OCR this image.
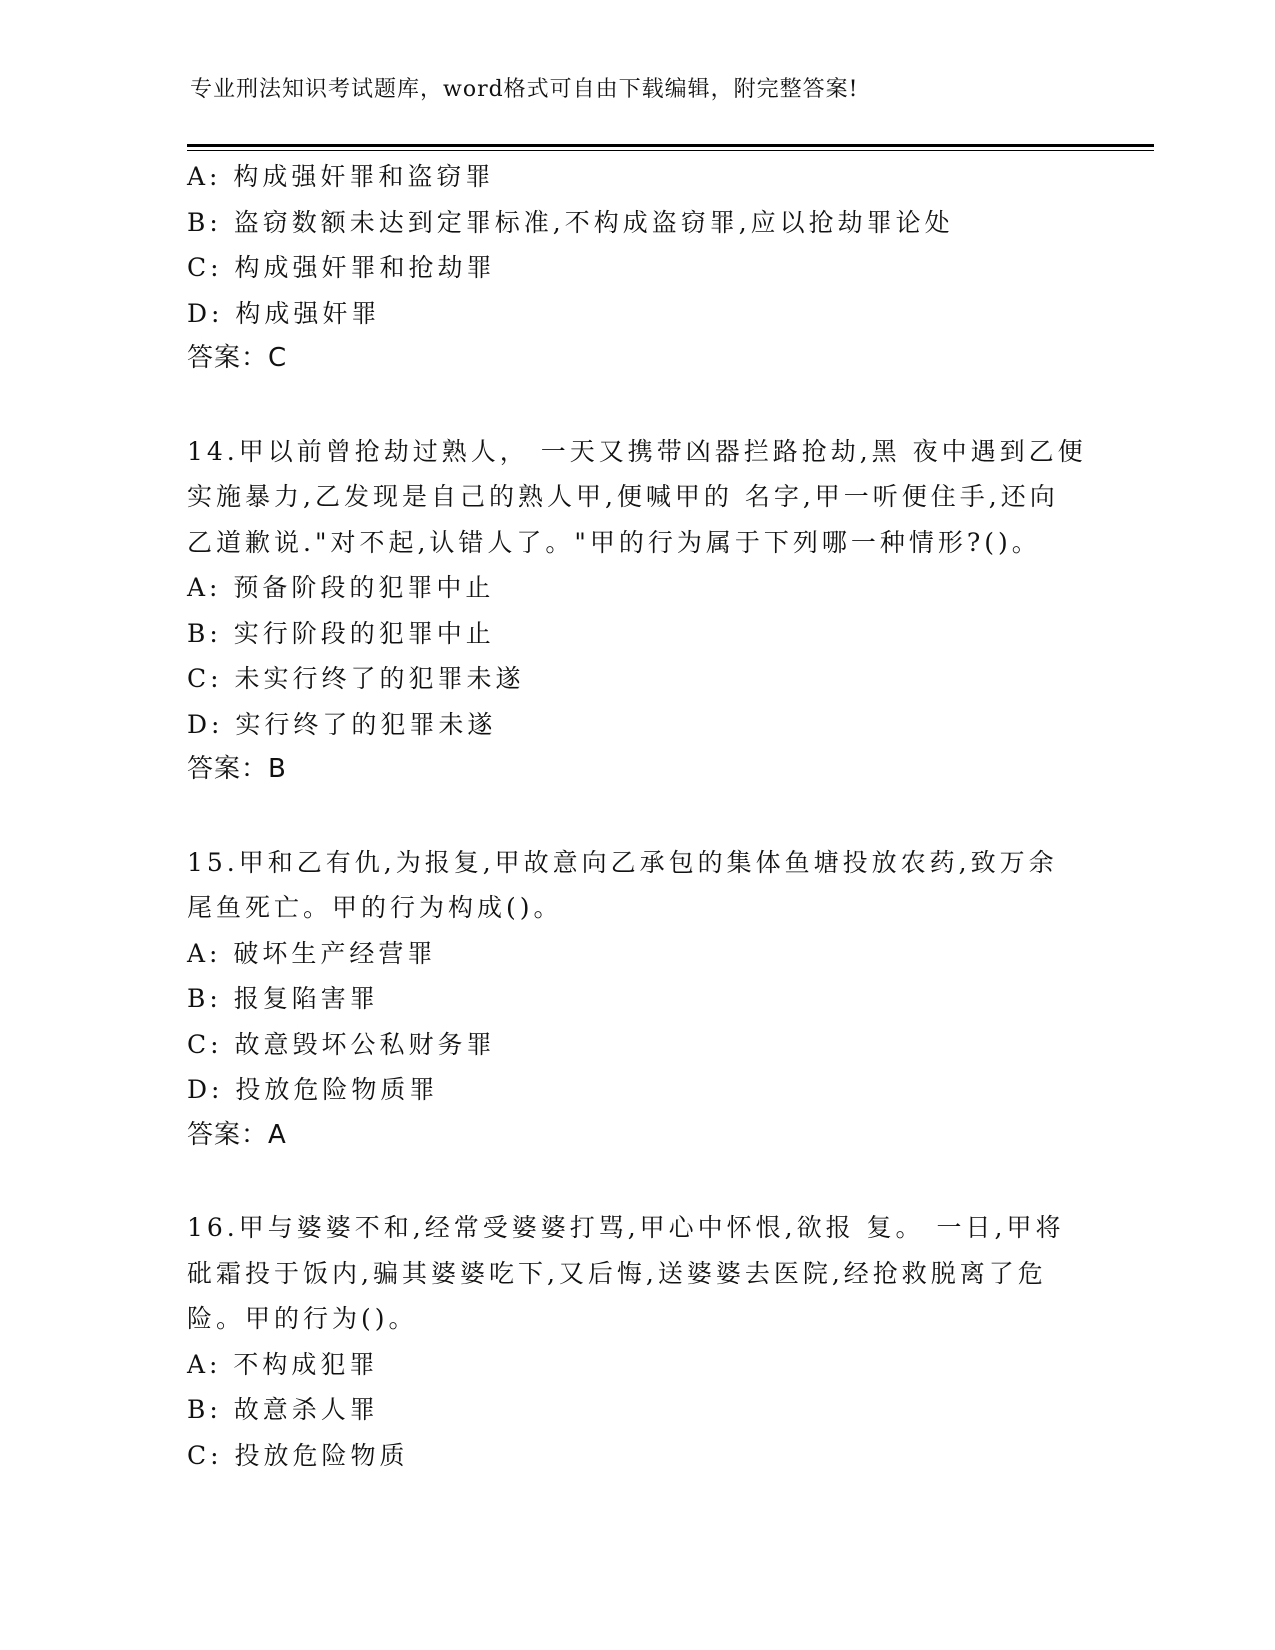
专业刑法知识考试题库，word格式可自由下载编辑，附完整答案!
A: 构成强奸罪和盗窃罪
B: 盗窃数额未达到定罪标准,不构成盗窃罪,应以抢劫罪论处
C: 构成强奸罪和抢劫罪
D: 构成强奸罪
答案：C
14.甲以前曾抢劫过熟人， 一天又携带凶器拦路抢劫,黑 夜中遇到乙便
实施暴力,乙发现是自己的熟人甲,便喊甲的 名字,甲一听便住手,还向
乙道歉说."对不起,认错人了。"甲的行为属于下列哪一种情形?()。
A: 预备阶段的犯罪中止
B: 实行阶段的犯罪中止
C: 未实行终了的犯罪未遂
D: 实行终了的犯罪未遂
答案：B
15.甲和乙有仇,为报复,甲故意向乙承包的集体鱼塘投放农药,致万余
尾鱼死亡。甲的行为构成()。
A: 破坏生产经营罪
B: 报复陷害罪
C: 故意毁坏公私财务罪
D: 投放危险物质罪
答案：A
16.甲与婆婆不和,经常受婆婆打骂,甲心中怀恨,欲报 复。 一日,甲将
砒霜投于饭内,骗其婆婆吃下,又后悔,送婆婆去医院,经抢救脱离了危
险。甲的行为()。
A: 不构成犯罪
B: 故意杀人罪
C: 投放危险物质
